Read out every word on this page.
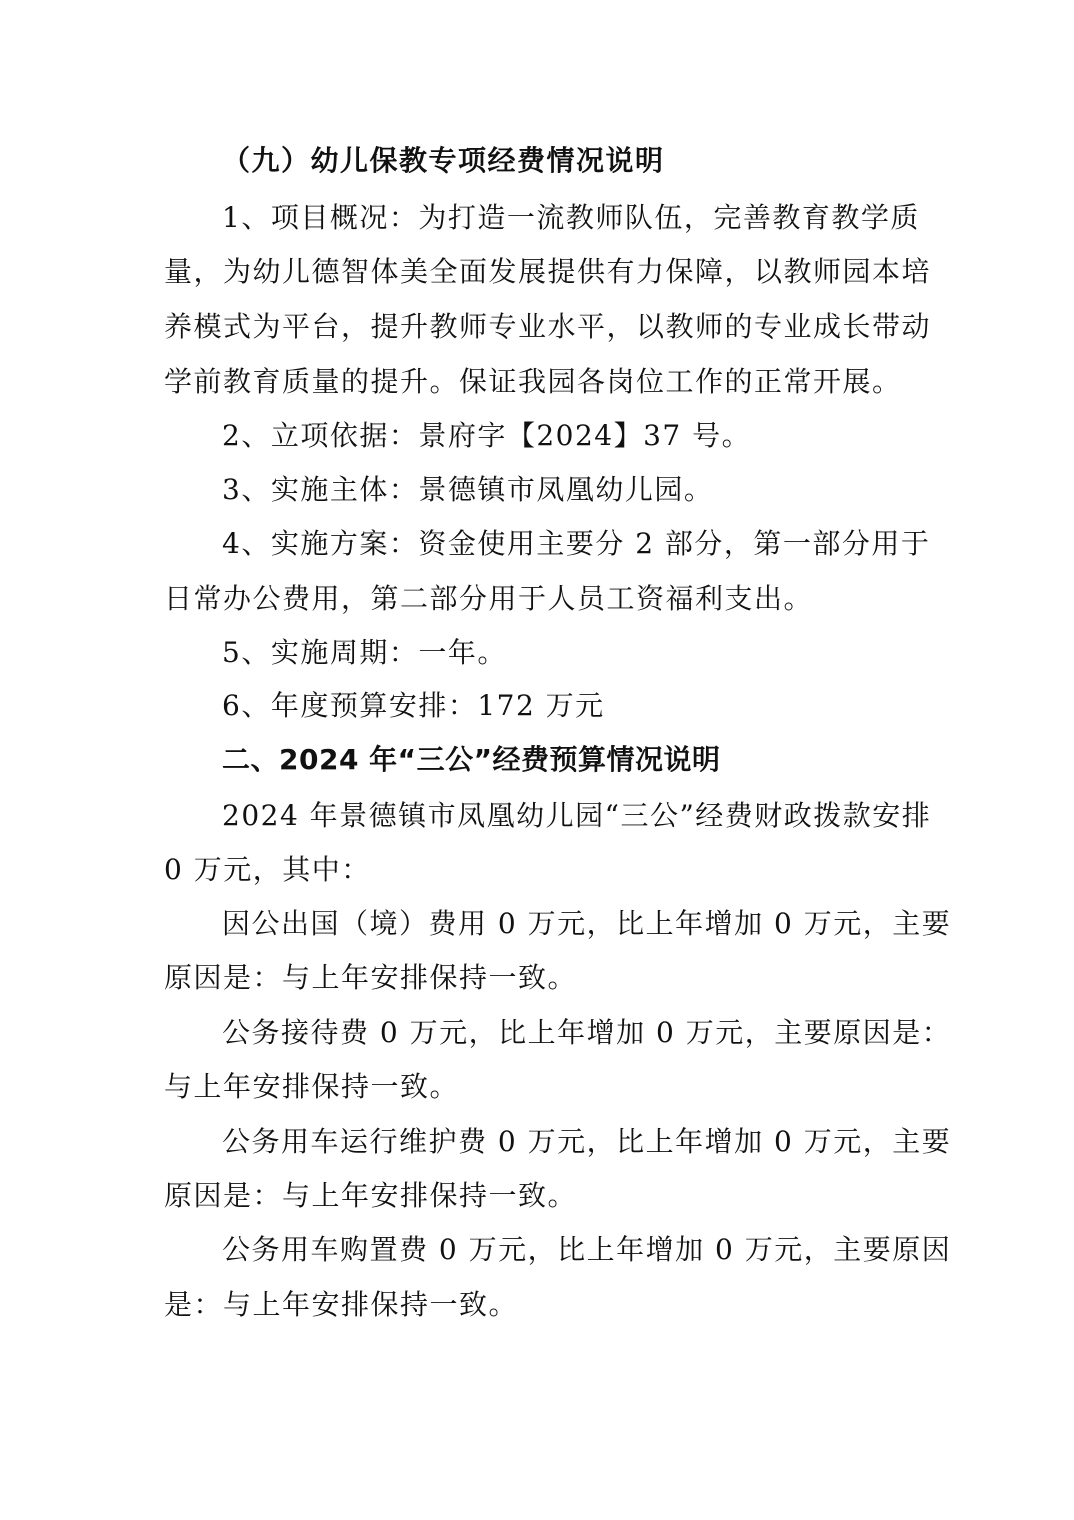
（九）幼儿保教专项经费情况说明
1、项目概况：为打造一流教师队伍，完善教育教学质
量，为幼儿德智体美全面发展提供有力保障，以教师园本培
养模式为平台，提升教师专业水平，以教师的专业成长带动
学前教育质量的提升。保证我园各岗位工作的正常开展。
2、立项依据：景府字【2024】37 号。
3、实施主体：景德镇市凤凰幼儿园。
4、实施方案：资金使用主要分 2 部分，第一部分用于
日常办公费用，第二部分用于人员工资福利支出。
5、实施周期：一年。
6、年度预算安排：172 万元
二、2024 年“三公”经费预算情况说明
2024 年景德镇市凤凰幼儿园“三公”经费财政拨款安排
0 万元，其中：
因公出国（境）费用 0 万元，比上年增加 0 万元，主要
原因是：与上年安排保持一致。
公务接待费 0 万元，比上年增加 0 万元，主要原因是：
与上年安排保持一致。
公务用车运行维护费 0 万元，比上年增加 0 万元，主要
原因是：与上年安排保持一致。
公务用车购置费 0 万元，比上年增加 0 万元，主要原因
是：与上年安排保持一致。
